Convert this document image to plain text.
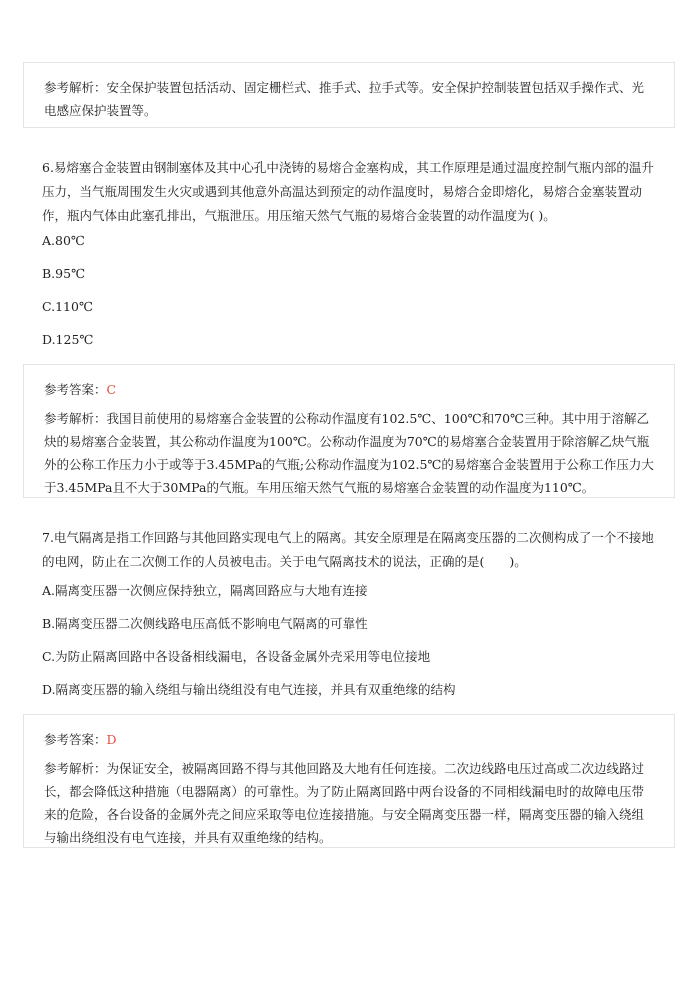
参考解析：安全保护装置包括活动、固定栅栏式、推手式、拉手式等。安全保护控制装置包括双手操作式、光电感应保护装置等。

6.易熔塞合金装置由钢制塞体及其中心孔中浇铸的易熔合金塞构成，其工作原理是通过温度控制气瓶内部的温升压力，当气瓶周围发生火灾或遇到其他意外高温达到预定的动作温度时，易熔合金即熔化，易熔合金塞装置动作，瓶内气体由此塞孔排出，气瓶泄压。用压缩天然气气瓶的易熔合金装置的动作温度为( )。

A.80℃

B.95℃

C.110℃

D.125℃

参考答案：C

参考解析：我国目前使用的易熔塞合金装置的公称动作温度有102.5℃、100℃和70℃三种。其中用于溶解乙炔的易熔塞合金装置，其公称动作温度为100℃。公称动作温度为70℃的易熔塞合金装置用于除溶解乙炔气瓶外的公称工作压力小于或等于3.45MPa的气瓶;公称动作温度为102.5℃的易熔塞合金装置用于公称工作压力大于3.45MPa且不大于30MPa的气瓶。车用压缩天然气气瓶的易熔塞合金装置的动作温度为110℃。

7.电气隔离是指工作回路与其他回路实现电气上的隔离。其安全原理是在隔离变压器的二次侧构成了一个不接地的电网，防止在二次侧工作的人员被电击。关于电气隔离技术的说法，正确的是(　　)。

A.隔离变压器一次侧应保持独立，隔离回路应与大地有连接

B.隔离变压器二次侧线路电压高低不影响电气隔离的可靠性

C.为防止隔离回路中各设备相线漏电，各设备金属外壳采用等电位接地

D.隔离变压器的输入绕组与输出绕组没有电气连接，并具有双重绝缘的结构

参考答案：D

参考解析：为保证安全，被隔离回路不得与其他回路及大地有任何连接。二次边线路电压过高或二次边线路过长，都会降低这种措施（电器隔离）的可靠性。为了防止隔离回路中两台设备的不同相线漏电时的故障电压带来的危险，各台设备的金属外壳之间应采取等电位连接措施。与安全隔离变压器一样，隔离变压器的输入绕组与输出绕组没有电气连接，并具有双重绝缘的结构。
